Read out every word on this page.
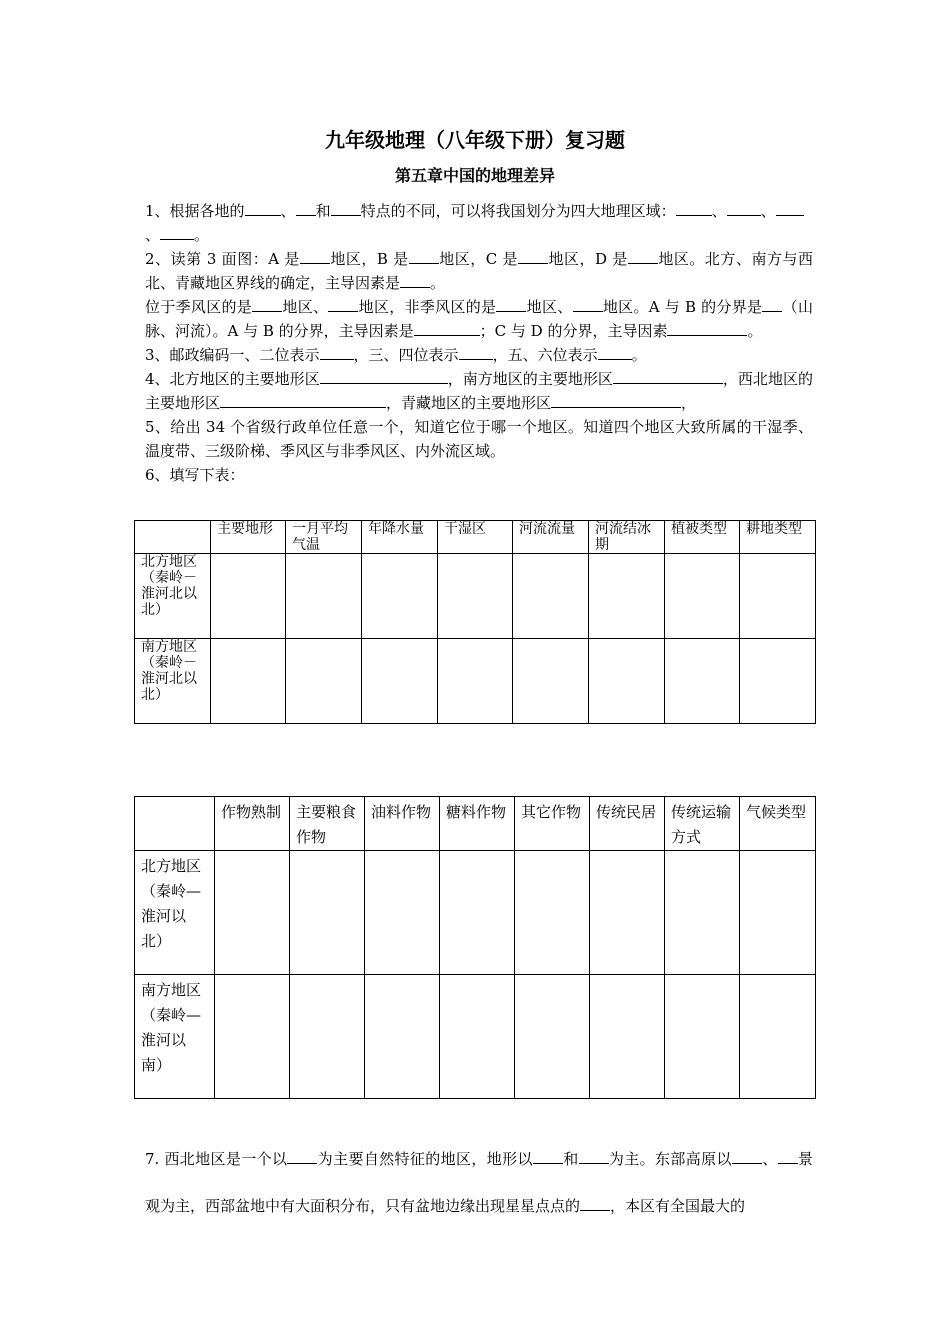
九年级地理（八年级下册）复习题
第五章中国的地理差异

1、根据各地的 、 和 特点的不同，可以将我国划分为四大地理区域： 、 、
、 。

2、读第 3 面图：A 是 地区，B 是 地区，C 是 地区，D 是 地区。北方、南方与西北、青藏地区界线的确定，主导因素是 。

位于季风区的是 地区、 地区，非季风区的是 地区、 地区。A 与 B 的分界是 （山脉、河流）。A 与 B 的分界，主导因素是	；C 与 D 的分界，主导因素	。

3、邮政编码一、二位表示 ，三、四位表示 ，五、六位表示 。

4、北方地区的主要地形区	，南方地区的主要地形区	，西北地区的主要地形区	，青藏地区的主要地形区	，

5、给出 34 个省级行政单位任意一个，知道它位于哪一个地区。知道四个地区大致所属的干湿季、温度带、三级阶梯、季风区与非季风区、内外流区域。

6、填写下表：

	主要地形	一月平均气温	年降水量	干湿区	河流流量	河流结冰期	植被类型	耕地类型
北方地区（秦岭－淮河北以北）								
南方地区（秦岭－淮河北以北）								
	作物熟制	主要粮食作物	油料作物	糖料作物	其它作物	传统民居	传统运输方式	气候类型
北方地区（秦岭—淮河以北）								
南方地区（秦岭—淮河以南）								

7. 西北地区是一个以 为主要自然特征的地区，地形以 和 为主。东部高原以 、 景观为主，西部盆地中有大面积分布，只有盆地边缘出现星星点点的 ，本区有全国最大的
